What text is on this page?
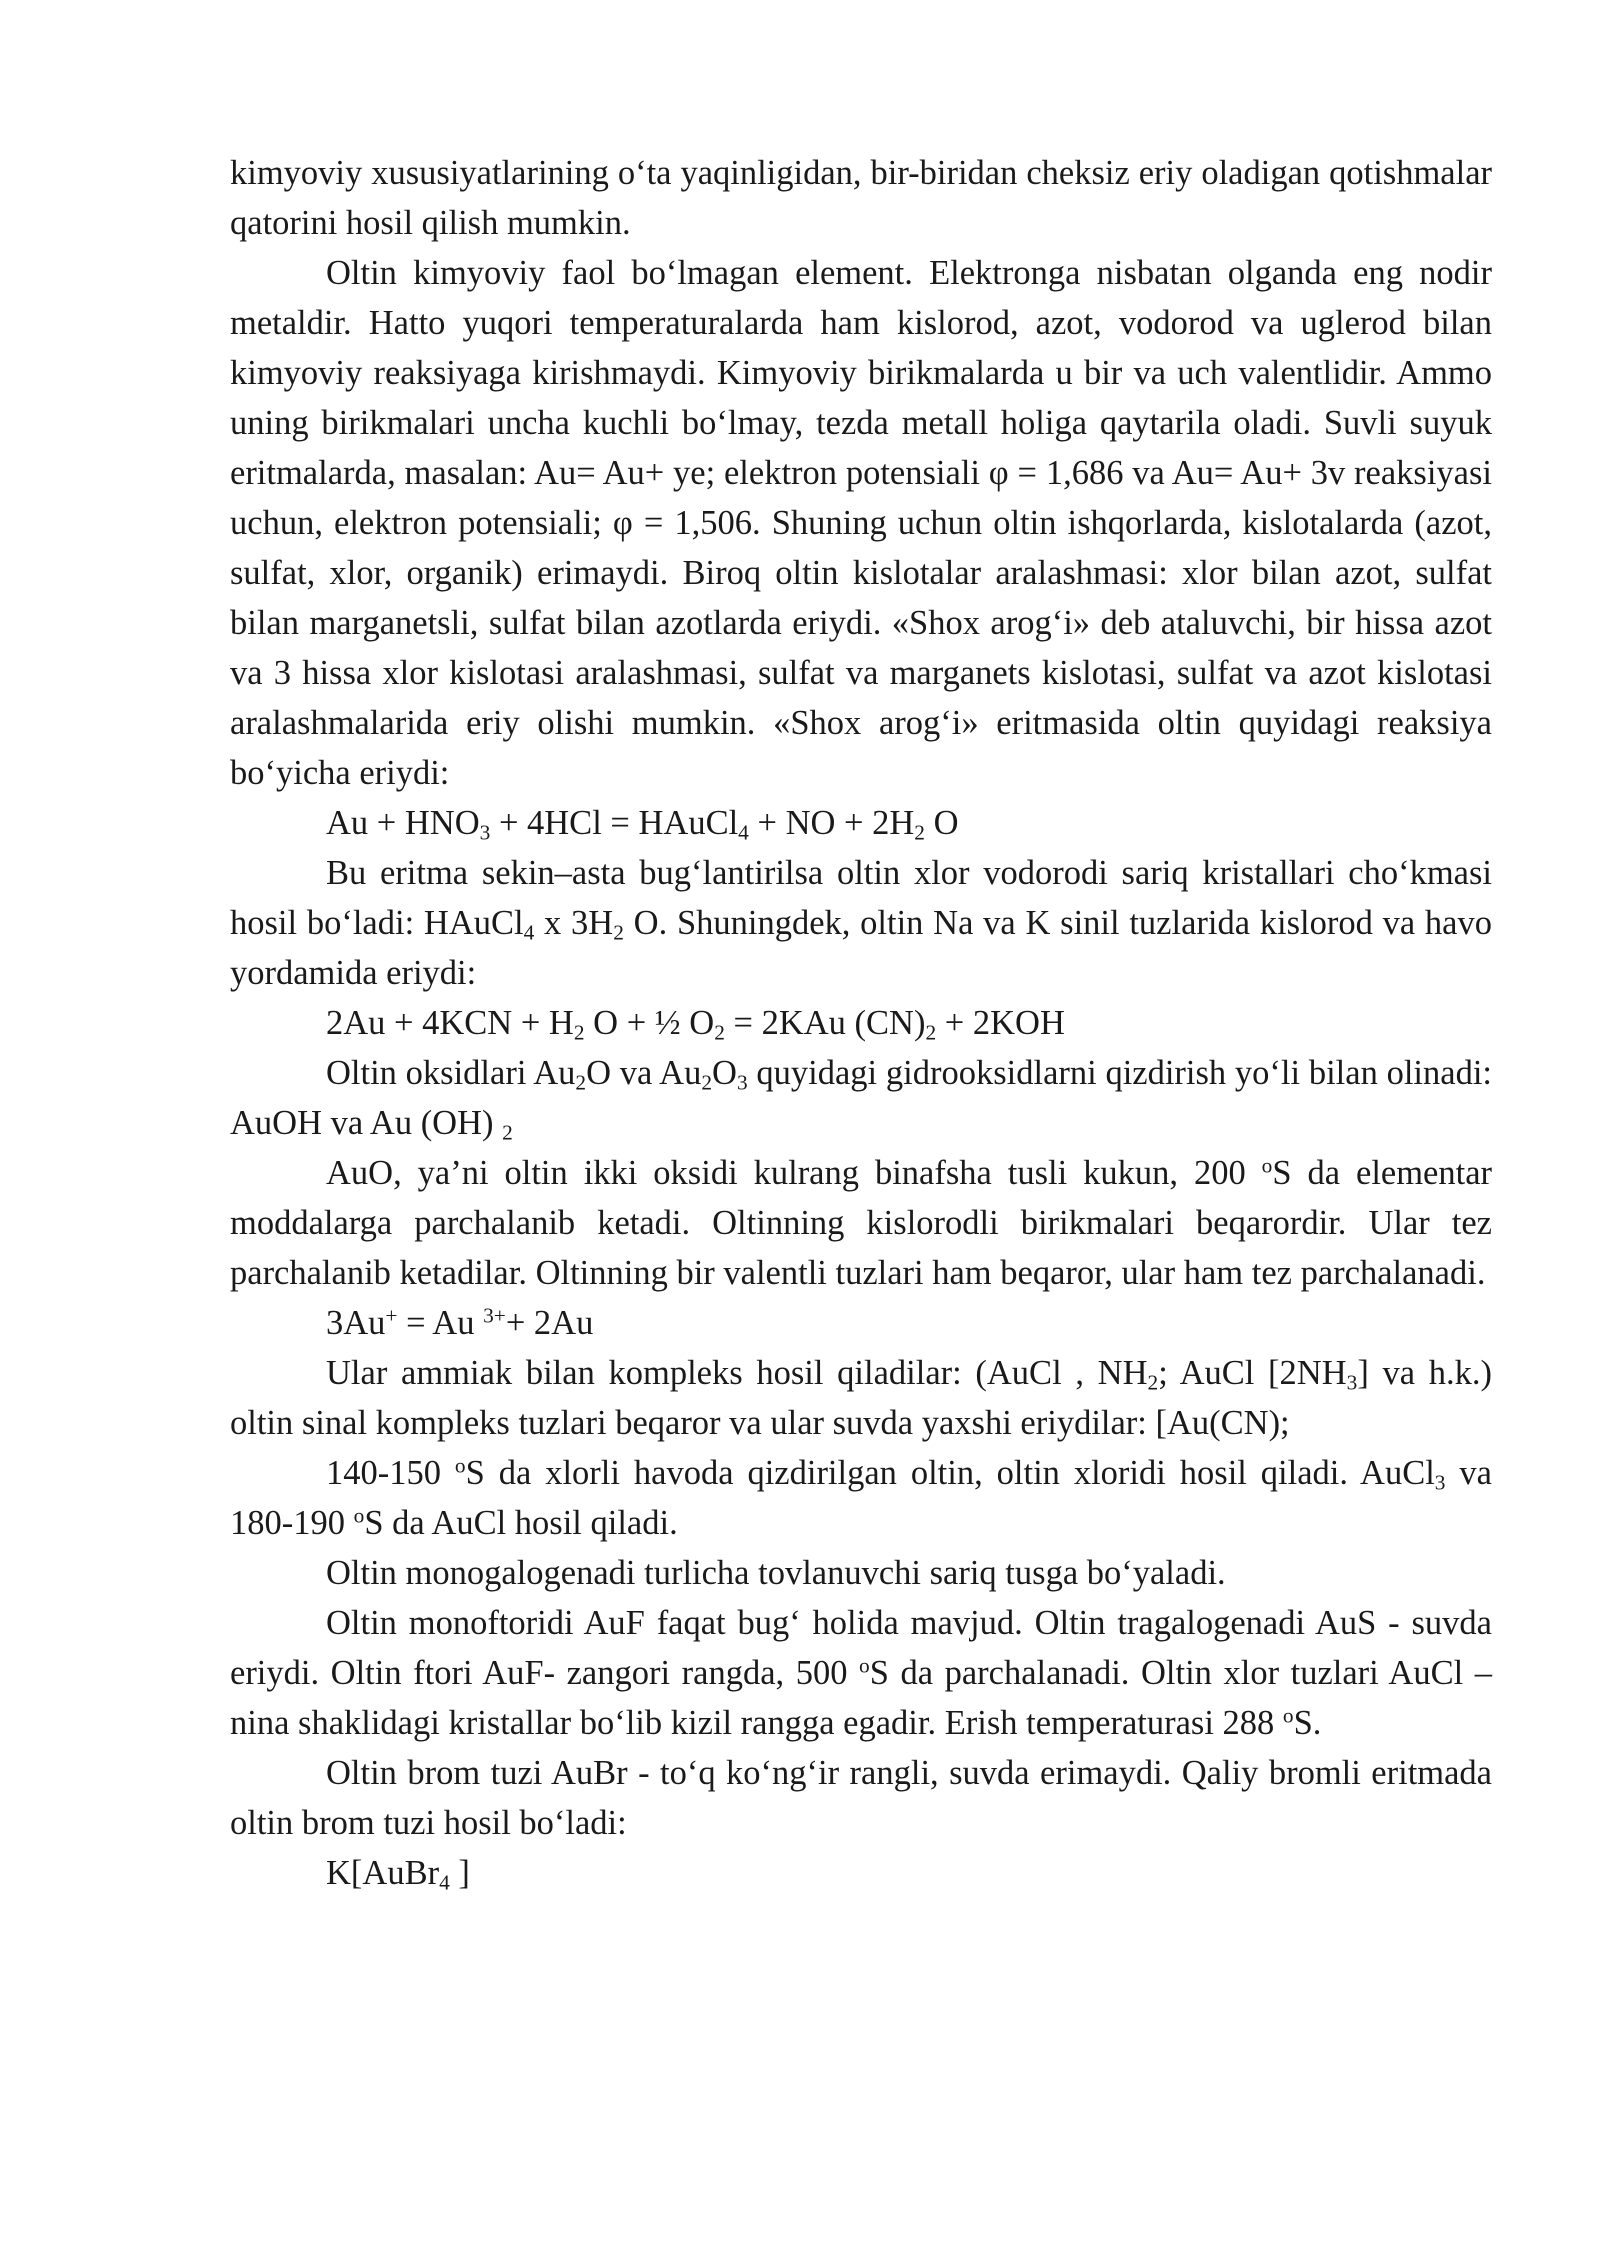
kimyoviy xususiyatlarining o‘ta yaqinligidan, bir-biridan cheksiz eriy oladigan qotishmalar qatorini hosil qilish mumkin.

Oltin kimyoviy faol bo‘lmagan element. Elektronga nisbatan olganda eng nodir metaldir. Hatto yuqori temperaturalarda ham kislorod, azot, vodorod va uglerod bilan kimyoviy reaksiyaga kirishmaydi. Kimyoviy birikmalarda u bir va uch valentlidir. Ammo uning birikmalari uncha kuchli bo‘lmay, tezda metall holiga qaytarila oladi. Suvli suyuk eritmalarda, masalan: Au= Au+ ye; elektron potensiali φ = 1,686 va Au= Au+ 3v reaksiyasi uchun, elektron potensiali; φ = 1,506. Shuning uchun oltin ishqorlarda, kislotalarda (azot, sulfat, xlor, organik) erimaydi. Biroq oltin kislotalar aralashmasi: xlor bilan azot, sulfat bilan marganetsli, sulfat bilan azotlarda eriydi. «Shox arog‘i» deb ataluvchi, bir hissa azot va 3 hissa xlor kislotasi aralashmasi, sulfat va marganets kislotasi, sulfat va azot kislotasi aralashmalarida eriy olishi mumkin. «Shox arog‘i» eritmasida oltin quyidagi reaksiya bo‘yicha eriydi:

$Au + HNO_3 + 4HCl$ = HAuCl$_4$ + NO + $2H_2$ O

Bu eritma sekin–asta bug‘lantirilsa oltin xlor vodorodi sariq kristallari cho‘kmasi hosil bo‘ladi: HAuCl$_4$ x $3H_2$ O. Shuningdek, oltin Na va K sinil tuzlarida kislorod va havo yordamida eriydi:

$2Au + 4KCN + H_2$ O + ½ $O_2 = 2KAu$ $(CN)_2 + 2KOH$

Oltin oksidlari $Au_2O$ va $Au_2O_3$ quyidagi gidrooksidlarni qizdirish yo‘li bilan olinadi: AuOH va Au (OH) $_2$

AuO, ya’ni oltin ikki oksidi kulrang binafsha tusli kukun, 200 $^o$S da elementar moddalarga parchalanib ketadi. Oltinning kislorodli birikmalari beqarordir. Ular tez parchalanib ketadilar. Oltinning bir valentli tuzlari ham beqaror, ular ham tez parchalanadi.

3Au+ = Au $^{3+}$+ 2Au

Ular ammiak bilan kompleks hosil qiladilar: (AuCl , $NH_2$; AuCl $[2NH_3]$ va h.k.) oltin sinal kompleks tuzlari beqaror va ular suvda yaxshi eriydilar: [Au(CN);

140-150 $^o$S da xlorli havoda qizdirilgan oltin, oltin xloridi hosil qiladi. AuCl$_3$ va 180-190 $^o$S da AuCl hosil qiladi.

Oltin monogalogenadi turlicha tovlanuvchi sariq tusga bo‘yaladi.

Oltin monoftoridi AuF faqat bug‘ holida mavjud. Oltin tragalogenadi AuS - suvda eriydi. Oltin ftori AuF- zangori rangda, 500 $^o$S da parchalanadi. Oltin xlor tuzlari AuCl – nina shaklidagi kristallar bo‘lib kizil rangga egadir. Erish temperaturasi 288 $^o$S.

Oltin brom tuzi AuBr - to‘q ko‘ng‘ir rangli, suvda erimaydi. Qaliy bromli eritmada oltin brom tuzi hosil bo‘ladi:

K[AuBr$_4$ ]
